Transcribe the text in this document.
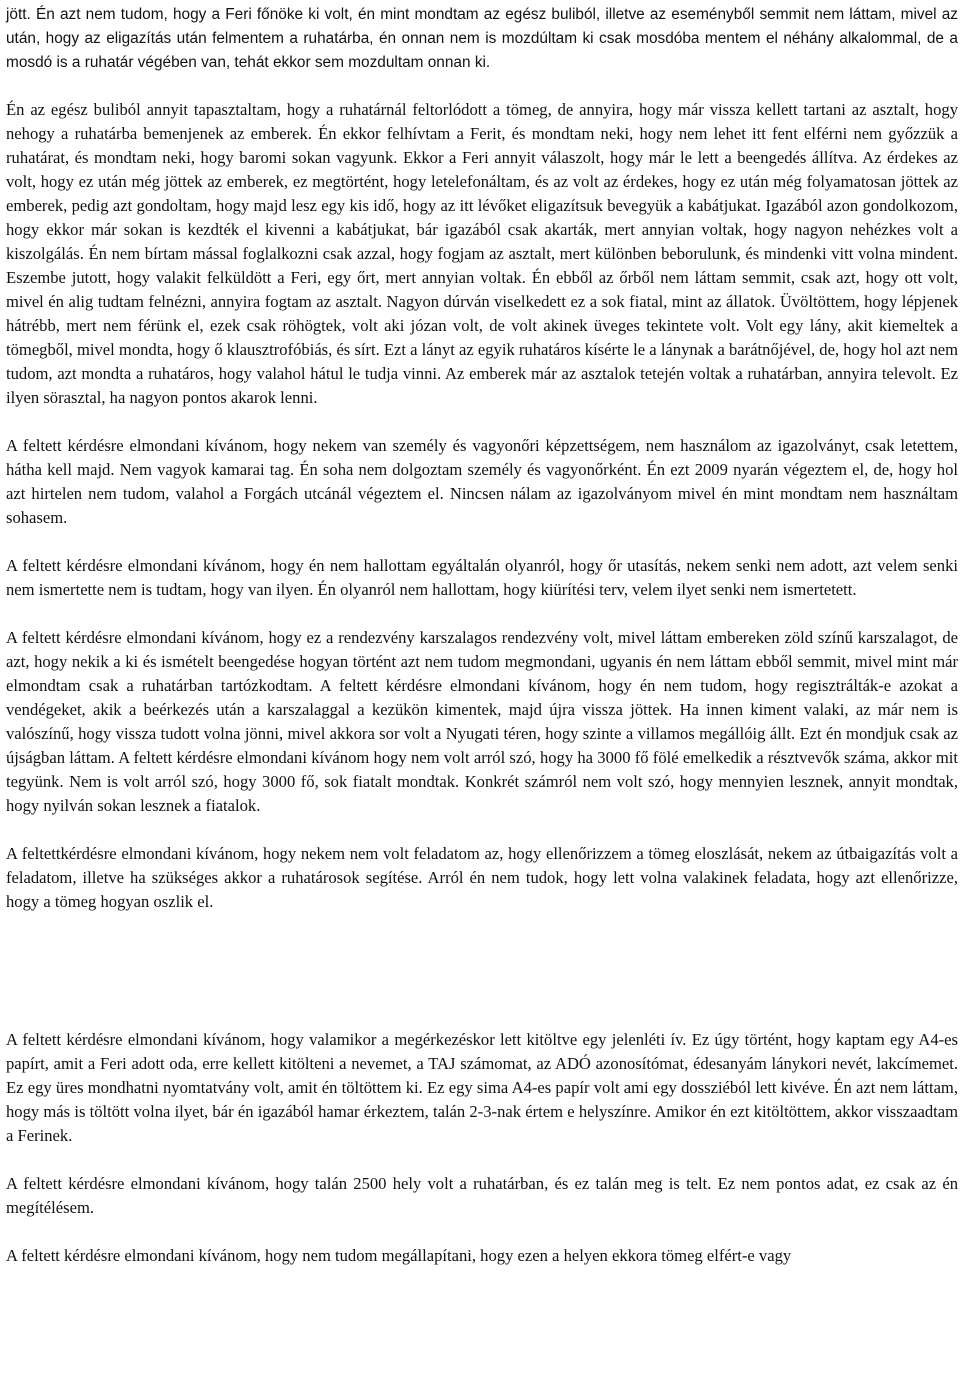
jött. Én azt nem tudom, hogy a Feri főnöke ki volt, én mint mondtam az egész buliból, illetve az eseményből semmit nem láttam, mivel az után, hogy az eligazítás után felmentem a ruhatárba, én onnan nem is mozdúltam ki csak mosdóba mentem el néhány alkalommal, de a mosdó is a ruhatár végében van, tehát ekkor sem mozdultam onnan ki.

Én az egész buliból annyit tapasztaltam, hogy a ruhatárnál feltorlódott a tömeg, de annyira, hogy már vissza kellett tartani az asztalt, hogy nehogy a ruhatárba bemenjenek az emberek. Én ekkor felhívtam a Ferit, és mondtam neki, hogy nem lehet itt fent elférni nem győzzük a ruhatárat, és mondtam neki, hogy baromi sokan vagyunk. Ekkor a Feri annyit válaszolt, hogy már le lett a beengedés állítva. Az érdekes az volt, hogy ez után még jöttek az emberek, ez megtörtént, hogy letelefonáltam, és az volt az érdekes, hogy ez után még folyamatosan jöttek az emberek, pedig azt gondoltam, hogy majd lesz egy kis idő, hogy az itt lévőket eligazítsuk bevegyük a kabátjukat. Igazából azon gondolkozom, hogy ekkor már sokan is kezdték el kivenni a kabátjukat, bár igazából csak akarták, mert annyian voltak, hogy nagyon nehézkes volt a kiszolgálás. Én nem bírtam mással foglalkozni csak azzal, hogy fogjam az asztalt, mert különben beborulunk, és mindenki vitt volna mindent. Eszembe jutott, hogy valakit felküldött a Feri, egy őrt, mert annyian voltak. Én ebből az őrből nem láttam semmit, csak azt, hogy ott volt, mivel én alig tudtam felnézni, annyira fogtam az asztalt. Nagyon dúrván viselkedett ez a sok fiatal, mint az állatok. Üvöltöttem, hogy lépjenek hátrébb, mert nem férünk el, ezek csak röhögtek, volt aki józan volt, de volt akinek üveges tekintete volt. Volt egy lány, akit kiemeltek a tömegből, mivel mondta, hogy ő klausztrofóbiás, és sírt. Ezt a lányt az egyik ruhatáros kísérte le a lánynak a barátnőjével, de, hogy hol azt nem tudom, azt mondta a ruhatáros, hogy valahol hátul le tudja vinni. Az emberek már az asztalok tetején voltak a ruhatárban, annyira televolt. Ez ilyen sörasztal, ha nagyon pontos akarok lenni.

A feltett kérdésre elmondani kívánom, hogy nekem van személy és vagyonőri képzettségem, nem használom az igazolványt, csak letettem, hátha kell majd. Nem vagyok kamarai tag. Én soha nem dolgoztam személy és vagyonőrként. Én ezt 2009 nyarán végeztem el, de, hogy hol azt hirtelen nem tudom, valahol a Forgách utcánál végeztem el. Nincsen nálam az igazolványom mivel én mint mondtam nem használtam sohasem.

A feltett kérdésre elmondani kívánom, hogy én nem hallottam egyáltalán olyanról, hogy őr utasítás, nekem senki nem adott, azt velem senki nem ismertette nem is tudtam, hogy van ilyen. Én olyanról nem hallottam, hogy kiürítési terv, velem ilyet senki nem ismertetett.

A feltett kérdésre elmondani kívánom, hogy ez a rendezvény karszalagos rendezvény volt, mivel láttam embereken zöld színű karszalagot, de azt, hogy nekik a ki és ismételt beengedése hogyan történt azt nem tudom megmondani, ugyanis én nem láttam ebből semmit, mivel mint már elmondtam csak a ruhatárban tartózkodtam. A feltett kérdésre elmondani kívánom, hogy én nem tudom, hogy regisztrálták-e azokat a vendégeket, akik a beérkezés után a karszalaggal a kezükön kimentek, majd újra vissza jöttek. Ha innen kiment valaki, az már nem is valószínű, hogy vissza tudott volna jönni, mivel akkora sor volt a Nyugati téren, hogy szinte a villamos megállóig állt. Ezt én mondjuk csak az újságban láttam. A feltett kérdésre elmondani kívánom hogy nem volt arról szó, hogy ha 3000 fő fölé emelkedik a résztvevők száma, akkor mit tegyünk. Nem is volt arról szó, hogy 3000 fő, sok fiatalt mondtak. Konkrét számról nem volt szó, hogy mennyien lesznek, annyit mondtak, hogy nyilván sokan lesznek a fiatalok.

A feltettkérdésre elmondani kívánom, hogy nekem nem volt feladatom az, hogy ellenőrizzem a tömeg eloszlását, nekem az útbaigazítás volt a feladatom, illetve ha szükséges akkor a ruhatárosok segítése. Arról én nem tudok, hogy lett volna valakinek feladata, hogy azt ellenőrizze, hogy a tömeg hogyan oszlik el.

A feltett kérdésre elmondani kívánom, hogy valamikor a megérkezéskor lett kitöltve egy jelenléti ív. Ez úgy történt, hogy kaptam egy A4-es papírt, amit a Feri adott oda, erre kellett kitölteni a nevemet, a TAJ számomat, az ADÓ azonosítómat, édesanyám lánykori nevét, lakcímemet. Ez egy üres mondhatni nyomtatvány volt, amit én töltöttem ki. Ez egy sima A4-es papír volt ami egy dossziéból lett kivéve. Én azt nem láttam, hogy más is töltött volna ilyet, bár én igazából hamar érkeztem, talán 2-3-nak értem e helyszínre. Amikor én ezt kitöltöttem, akkor visszaadtam a Ferinek.

A feltett kérdésre elmondani kívánom, hogy talán 2500 hely volt a ruhatárban, és ez talán meg is telt. Ez nem pontos adat, ez csak az én megítélésem.

A feltett kérdésre elmondani kívánom, hogy nem tudom megállapítani, hogy ezen a helyen ekkora tömeg elfért-e vagy
